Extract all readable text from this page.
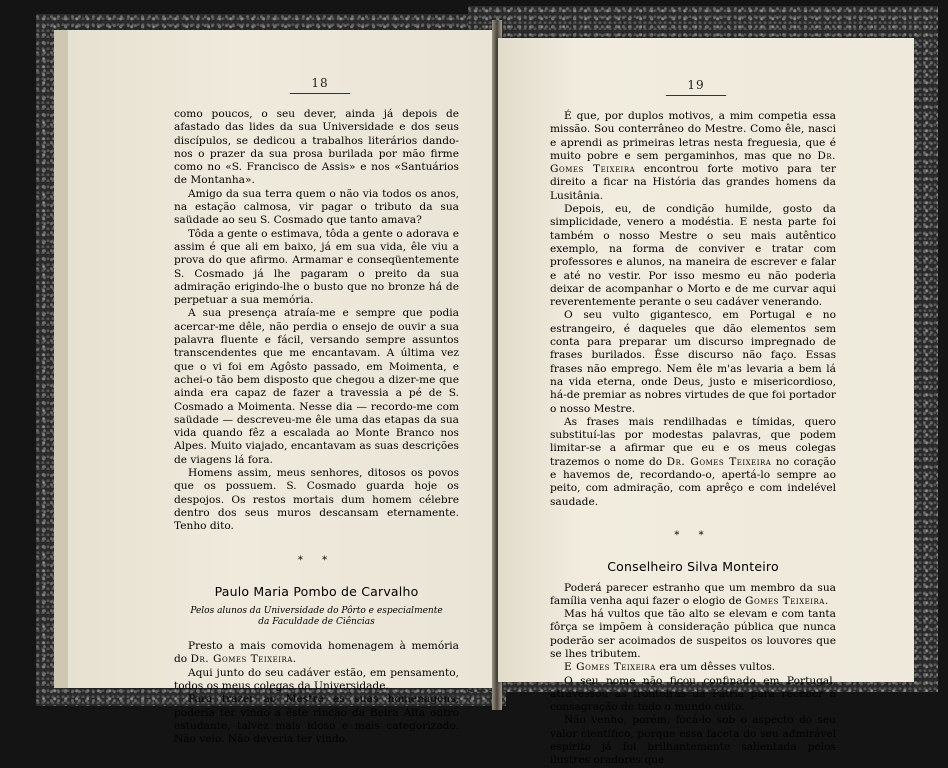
18	19

como poucos, o seu dever, ainda já depois de afastado das lides da sua Universidade e dos seus discípulos, se dedicou a trabalhos literários dando-nos o prazer da sua prosa burilada por mão firme como no «S. Francisco de Assis» e nos «Santuários de Montanha».

Amigo da sua terra quem o não via todos os anos, na estação calmosa, vir pagar o tributo da sua saüdade ao seu S. Cosmado que tanto amava?

Tôda a gente o estimava, tôda a gente o adorava e assim é que ali em baixo, já em sua vida, êle viu a prova do que afirmo. Armamar e conseqüentemente S. Cosmado já lhe pagaram o preito da sua admiração erigindo-lhe o busto que no bronze há de perpetuar a sua memória.

A sua presença atraía-me e sempre que podia acercar-me dêle, não perdia o ensejo de ouvir a sua palavra fluente e fácil, versando sempre assuntos transcendentes que me encantavam. A última vez que o vi foi em Agôsto passado, em Moimenta, e achei-o tão bem disposto que chegou a dizer-me que ainda era capaz de fazer a travessia a pé de S. Cosmado a Moimenta. Nesse dia — recordo-me com saüdade — descreveu-me êle uma das etapas da sua vida quando fêz a escalada ao Monte Branco nos Alpes. Muito viajado, encantavam as suas descrições de viagens lá fora.

Homens assim, meus senhores, ditosos os povos que os possuem. S. Cosmado guarda hoje os despojos. Os restos mortais dum homem célebre dentro dos seus muros descansam eternamente. Tenho dito.

* *
Paulo Maria Pombo de Carvalho
Pelos alunos da Universidade do Pôrto e especialmente
da Faculdade de Ciências

Presto a mais comovida homenagem à memória do Dr. Gomes Teixeira.

Aqui junto do seu cadáver estão, em pensamento, todos os meus colegas da Universidade.

Para trazer ao Mestre as suas homenagens, poderia ter vindo a êste rincão da Beira Alta outro estudante, talvez mais idoso e mais categorizado. Não veio. Não deveria ter vindo.

É que, por duplos motivos, a mim competia essa missão. Sou conterrâneo do Mestre. Como êle, nasci e aprendi as primeiras letras nesta freguesia, que é muito pobre e sem pergaminhos, mas que no Dr. Gomes Teixeira encontrou forte motivo para ter direito a ficar na História das grandes homens da Lusitânia.

Depois, eu, de condição humilde, gosto da simplicidade, venero a modéstia. E nesta parte foi também o nosso Mestre o seu mais autêntico exemplo, na forma de conviver e tratar com professores e alunos, na maneira de escrever e falar e até no vestir. Por isso mesmo eu não poderia deixar de acompanhar o Morto e de me curvar aqui reverentemente perante o seu cadáver venerando.

O seu vulto gigantesco, em Portugal e no estrangeiro, é daqueles que dão elementos sem conta para preparar um discurso impregnado de frases burilados. Êsse discurso não faço. Essas frases não emprego. Nem êle m'as levaria a bem lá na vida eterna, onde Deus, justo e misericordioso, há-de premiar as nobres virtudes de que foi portador o nosso Mestre.

As frases mais rendilhadas e tímidas, quero substituí-las por modestas palavras, que podem limitar-se a afirmar que eu e os meus colegas trazemos o nome do Dr. Gomes Teixeira no coração e havemos de, recordando-o, apertá-lo sempre ao peito, com admiração, com aprêço e com indelével saudade.

* *
Conselheiro Silva Monteiro

Poderá parecer estranho que um membro da sua família venha aqui fazer o elogio de Gomes Teixeira.

Mas há vultos que tão alto se elevam e com tanta fôrça se impõem à consideração pública que nunca poderão ser acoimados de suspeitos os louvores que se lhes tributem.

E Gomes Teixeira era um dêsses vultos.

O seu nome não ficou confinado em Portugal, atravessou as fronteiras da Pátria para receber a consagração de todo o mundo culto.

Não venho, porém, focá-lo sob o aspecto do seu valor científico, porque essa faceta do seu admirável espírito já foi brilhantemente salientada pelos ilustres oradores que
